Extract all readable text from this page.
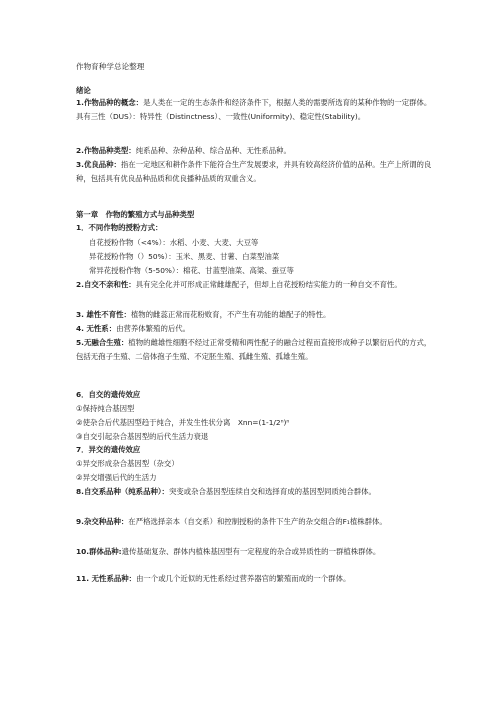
作物育种学总论整理
绪论
1.作物品种的概念：是人类在一定的生态条件和经济条件下，根据人类的需要所选育的某种作物的一定群体。具有三性（DUS）：特异性（Distinctness）、一致性(Uniformity)、稳定性(Stability)。
2.作物品种类型：纯系品种、杂种品种、综合品种、无性系品种。
3.优良品种：指在一定地区和耕作条件下能符合生产发展要求，并具有较高经济价值的品种。生产上所谓的良种，包括具有优良品种品质和优良播种品质的双重含义。
第一章　作物的繁殖方式与品种类型
1．不同作物的授粉方式：
自花授粉作物（<4%）：水稻、小麦、大麦、大豆等
异花授粉作物（）50%）：玉米、黑麦、甘薯、白菜型油菜
常异花授粉作物（5-50%）：棉花、甘蓝型油菜、高粱、蚕豆等
2.自交不亲和性：具有完全化并可形成正常雌雄配子，但却上自花授粉结实能力的一种自交不育性。
3. 雄性不育性：植物的雌蕊正常而花粉败育，不产生有功能的雄配子的特性。
4. 无性系：由营养体繁殖的后代。
5.无融合生殖：植物的雌雄性细胞不经过正常受精和两性配子的融合过程而直接形成种子以繁衍后代的方式，包括无孢子生殖、二倍体孢子生殖、不定胚生殖、孤雌生殖、孤雄生殖。
6．自交的遗传效应
①保持纯合基因型
②使杂合后代基因型趋于纯合，并发生性状分离　Xnn=(1-1/2ⁿ)ⁿ
③自交引起杂合基因型的后代生活力衰退
7．异交的遗传效应
①异交形成杂合基因型（杂交）
②异交增强后代的生活力
8.自交系品种（纯系品种）：突变或杂合基因型连续自交和选择育成的基因型同质纯合群体。
9.杂交种品种：在严格选择亲本（自交系）和控制授粉的条件下生产的杂交组合的F₁植株群体。
10.群体品种:遗传基础复杂、群体内植株基因型有一定程度的杂合或异质性的一群植株群体。
11. 无性系品种：由一个或几个近似的无性系经过营养器官的繁殖而成的一个群体。
